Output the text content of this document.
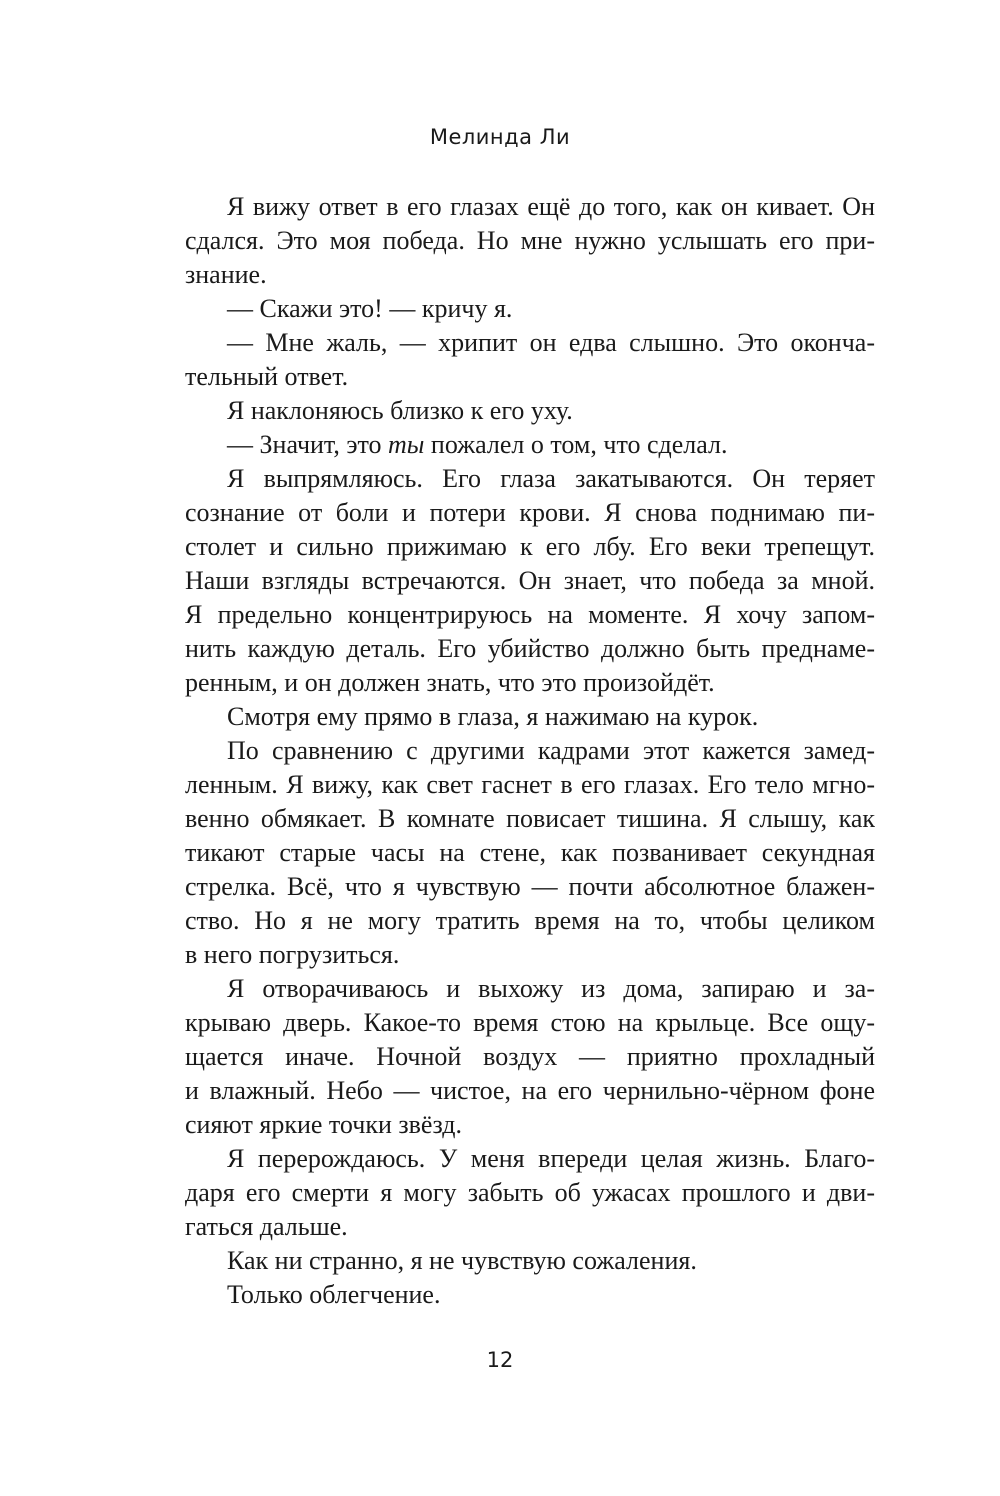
Мелинда Ли
Я вижу ответ в его глазах ещё до того, как он кивает. Он
сдался. Это моя победа. Но мне нужно услышать его при-
знание.
— Скажи это! — кричу я.
— Мне жаль, — хрипит он едва слышно. Это оконча-
тельный ответ.
Я наклоняюсь близко к его уху.
— Значит, это ты пожалел о том, что сделал.
Я выпрямляюсь. Его глаза закатываются. Он теряет
сознание от боли и потери крови. Я снова поднимаю пи-
столет и сильно прижимаю к его лбу. Его веки трепещут.
Наши взгляды встречаются. Он знает, что победа за мной.
Я предельно концентрируюсь на моменте. Я хочу запом-
нить каждую деталь. Его убийство должно быть преднаме-
ренным, и он должен знать, что это произойдёт.
Смотря ему прямо в глаза, я нажимаю на курок.
По сравнению с другими кадрами этот кажется замед-
ленным. Я вижу, как свет гаснет в его глазах. Его тело мгно-
венно обмякает. В комнате повисает тишина. Я слышу, как
тикают старые часы на стене, как позванивает секундная
стрелка. Всё, что я чувствую — почти абсолютное блажен-
ство. Но я не могу тратить время на то, чтобы целиком
в него погрузиться.
Я отворачиваюсь и выхожу из дома, запираю и за-
крываю дверь. Какое-то время стою на крыльце. Все ощу-
щается иначе. Ночной воздух — приятно прохладный
и влажный. Небо — чистое, на его чернильно-чёрном фоне
сияют яркие точки звёзд.
Я перерождаюсь. У меня впереди целая жизнь. Благо-
даря его смерти я могу забыть об ужасах прошлого и дви-
гаться дальше.
Как ни странно, я не чувствую сожаления.
Только облегчение.
12
